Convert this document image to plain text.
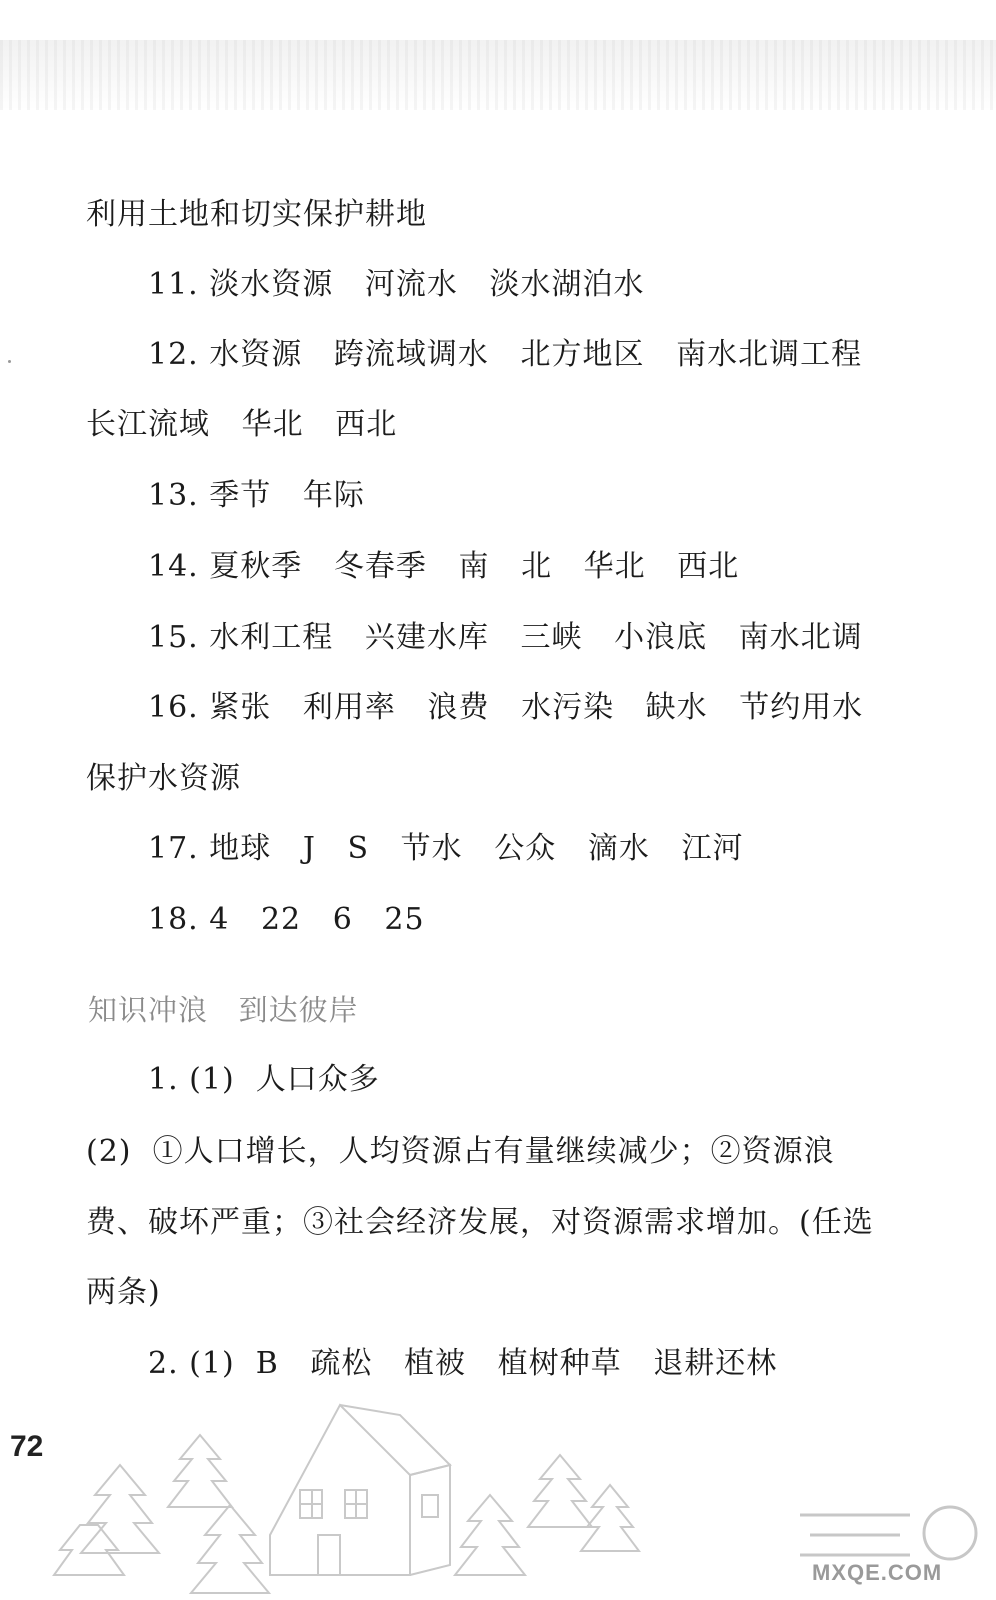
利用土地和切实保护耕地
11. 淡水资源   河流水   淡水湖泊水
12. 水资源   跨流域调水   北方地区   南水北调工程
长江流域   华北   西北
13. 季节   年际
14. 夏秋季   冬春季   南   北   华北   西北
15. 水利工程   兴建水库   三峡   小浪底   南水北调
16. 紧张   利用率   浪费   水污染   缺水   节约用水
保护水资源
17. 地球   J   S   节水   公众   滴水   江河
18. 4   22   6   25
知识冲浪   到达彼岸
1. (1)  人口众多
(2)  ①人口增长，人均资源占有量继续减少；②资源浪
费、破坏严重；③社会经济发展，对资源需求增加。(任选
两条)
2. (1)  B   疏松   植被   植树种草   退耕还林
72
MXQE.COM
